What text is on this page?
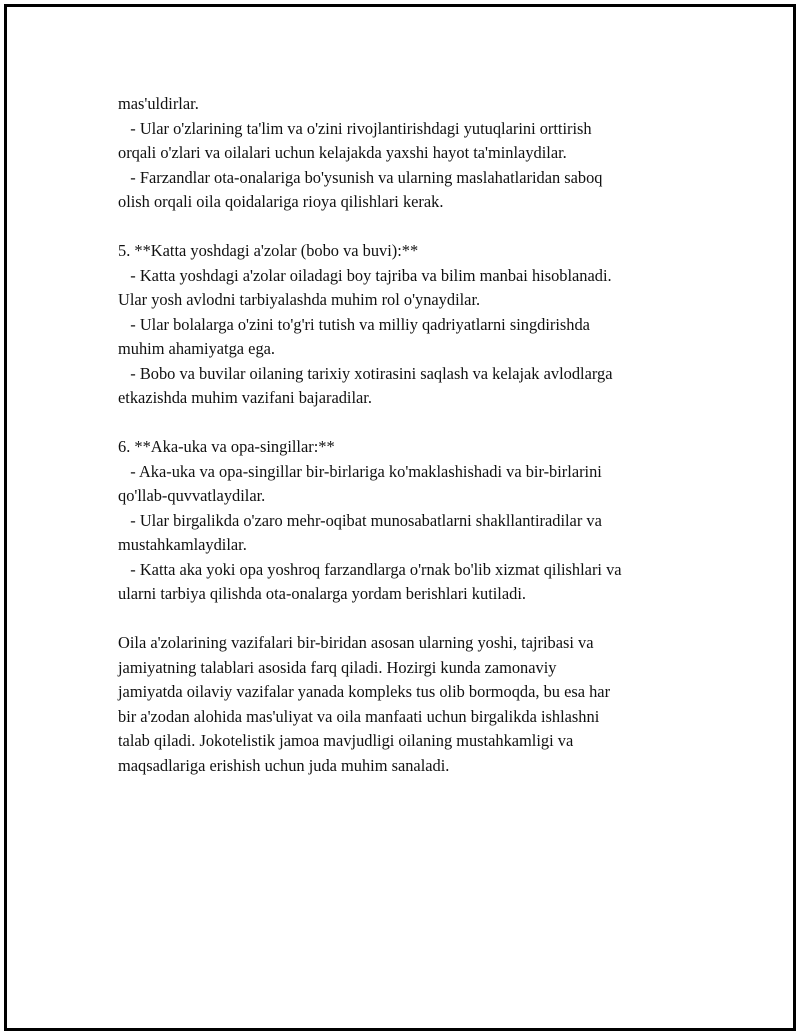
mas'uldirlar.
- Ular o'zlarining ta'lim va o'zini rivojlantirishdagi yutuqlarini orttirish
orqali o'zlari va oilalari uchun kelajakda yaxshi hayot ta'minlaydilar.
- Farzandlar ota-onalariga bo'ysunish va ularning maslahatlaridan saboq
olish orqali oila qoidalariga rioya qilishlari kerak.
5. **Katta yoshdagi a'zolar (bobo va buvi):**
- Katta yoshdagi a'zolar oiladagi boy tajriba va bilim manbai hisoblanadi.
Ular yosh avlodni tarbiyalashda muhim rol o'ynaydilar.
- Ular bolalarga o'zini to'g'ri tutish va milliy qadriyatlarni singdirishda
muhim ahamiyatga ega.
- Bobo va buvilar oilaning tarixiy xotirasini saqlash va kelajak avlodlarga
etkazishda muhim vazifani bajaradilar.
6. **Aka-uka va opa-singillar:**
- Aka-uka va opa-singillar bir-birlariga ko'maklashishadi va bir-birlarini
qo'llab-quvvatlaydilar.
- Ular birgalikda o'zaro mehr-oqibat munosabatlarni shakllantiradilar va
mustahkamlaydilar.
- Katta aka yoki opa yoshroq farzandlarga o'rnak bo'lib xizmat qilishlari va
ularni tarbiya qilishda ota-onalarga yordam berishlari kutiladi.
Oila a'zolarining vazifalari bir-biridan asosan ularning yoshi, tajribasi va
jamiyatning talablari asosida farq qiladi. Hozirgi kunda zamonaviy
jamiyatda oilaviy vazifalar yanada kompleks tus olib bormoqda, bu esa har
bir a'zodan alohida mas'uliyat va oila manfaati uchun birgalikda ishlashni
talab qiladi. Jokotelistik jamoa mavjudligi oilaning mustahkamligi va
maqsadlariga erishish uchun juda muhim sanaladi.
